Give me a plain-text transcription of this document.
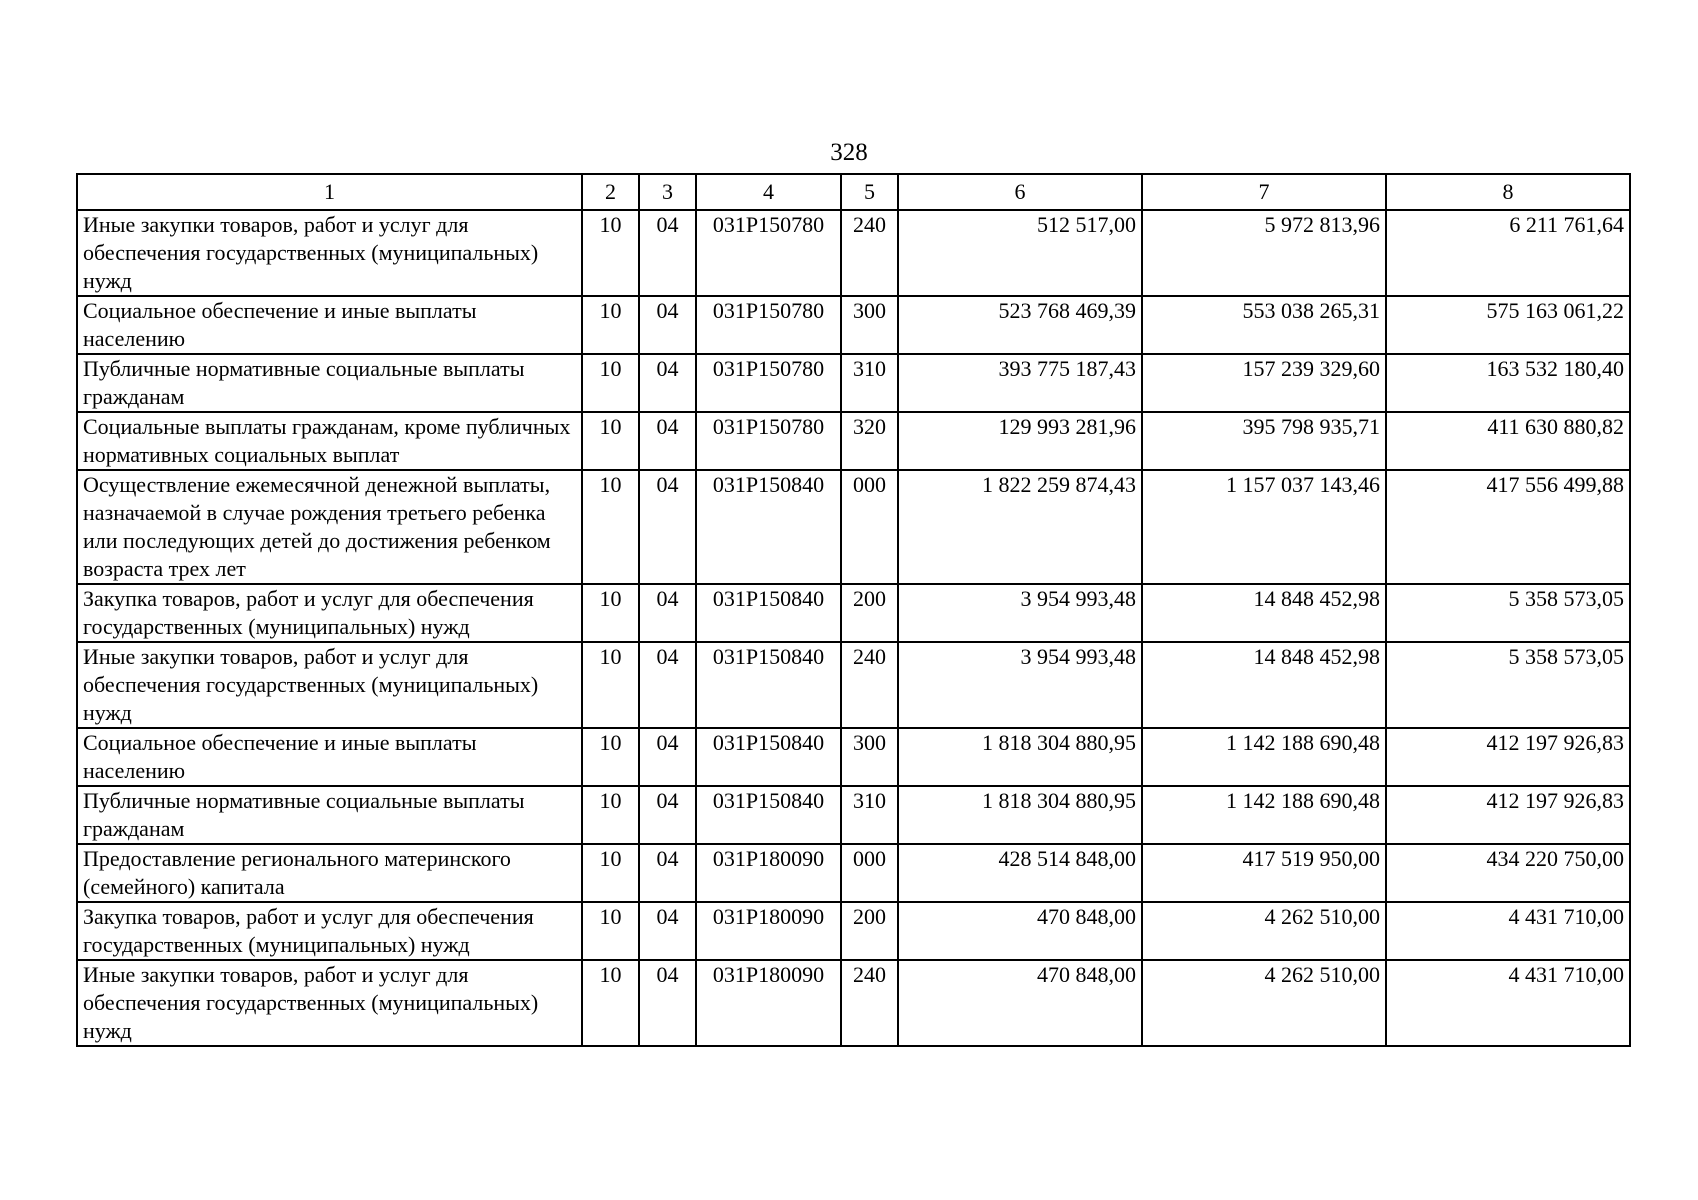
328
1	2	3	4	5	6	7	8
Иные закупки товаров, работ и услуг для обеспечения государственных (муниципальных) нужд	10	04	031P150780	240	512 517,00	5 972 813,96	6 211 761,64
Социальное обеспечение и иные выплаты населению	10	04	031P150780	300	523 768 469,39	553 038 265,31	575 163 061,22
Публичные нормативные социальные выплаты гражданам	10	04	031P150780	310	393 775 187,43	157 239 329,60	163 532 180,40
Социальные выплаты гражданам, кроме публичных нормативных социальных выплат	10	04	031P150780	320	129 993 281,96	395 798 935,71	411 630 880,82
Осуществление ежемесячной денежной выплаты, назначаемой в случае рождения третьего ребенка или последующих детей до достижения ребенком возраста трех лет	10	04	031P150840	000	1 822 259 874,43	1 157 037 143,46	417 556 499,88
Закупка товаров, работ и услуг для обеспечения государственных (муниципальных) нужд	10	04	031P150840	200	3 954 993,48	14 848 452,98	5 358 573,05
Иные закупки товаров, работ и услуг для обеспечения государственных (муниципальных) нужд	10	04	031P150840	240	3 954 993,48	14 848 452,98	5 358 573,05
Социальное обеспечение и иные выплаты населению	10	04	031P150840	300	1 818 304 880,95	1 142 188 690,48	412 197 926,83
Публичные нормативные социальные выплаты гражданам	10	04	031P150840	310	1 818 304 880,95	1 142 188 690,48	412 197 926,83
Предоставление регионального материнского (семейного) капитала	10	04	031P180090	000	428 514 848,00	417 519 950,00	434 220 750,00
Закупка товаров, работ и услуг для обеспечения государственных (муниципальных) нужд	10	04	031P180090	200	470 848,00	4 262 510,00	4 431 710,00
Иные закупки товаров, работ и услуг для обеспечения государственных (муниципальных) нужд	10	04	031P180090	240	470 848,00	4 262 510,00	4 431 710,00
